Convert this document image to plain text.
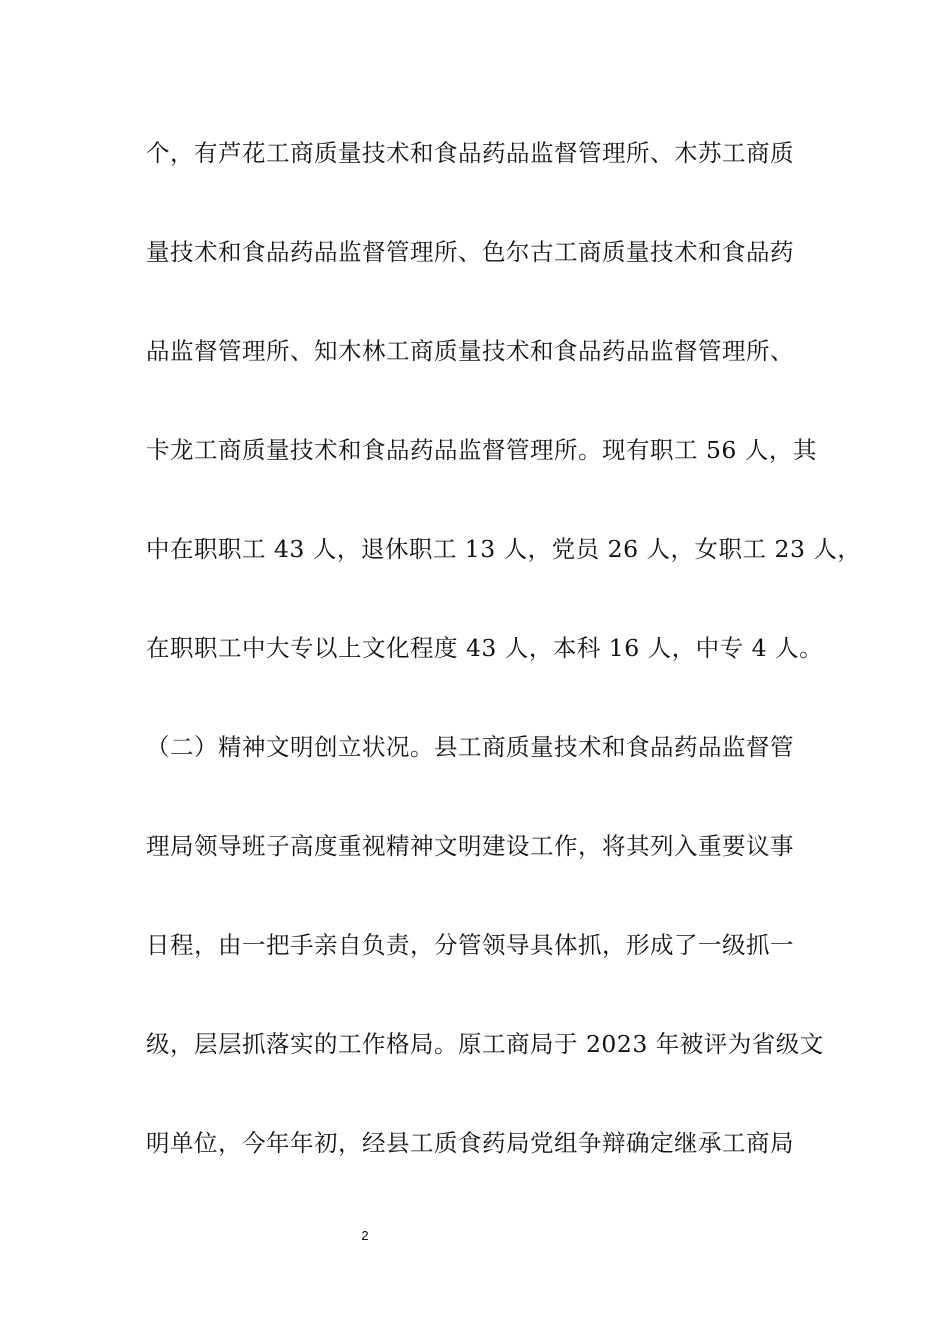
个，有芦花工商质量技术和食品药品监督管理所、木苏工商质
量技术和食品药品监督管理所、色尔古工商质量技术和食品药
品监督管理所、知木林工商质量技术和食品药品监督管理所、
卡龙工商质量技术和食品药品监督管理所。现有职工 56 人，其
中在职职工 43 人，退休职工 13 人，党员 26 人，女职工 23 人，
在职职工中大专以上文化程度 43 人，本科 16 人，中专 4 人。
（二）精神文明创立状况。县工商质量技术和食品药品监督管
理局领导班子高度重视精神文明建设工作，将其列入重要议事
日程，由一把手亲自负责，分管领导具体抓，形成了一级抓一
级，层层抓落实的工作格局。原工商局于 2023 年被评为省级文
明单位，今年年初，经县工质食药局党组争辩确定继承工商局
2
